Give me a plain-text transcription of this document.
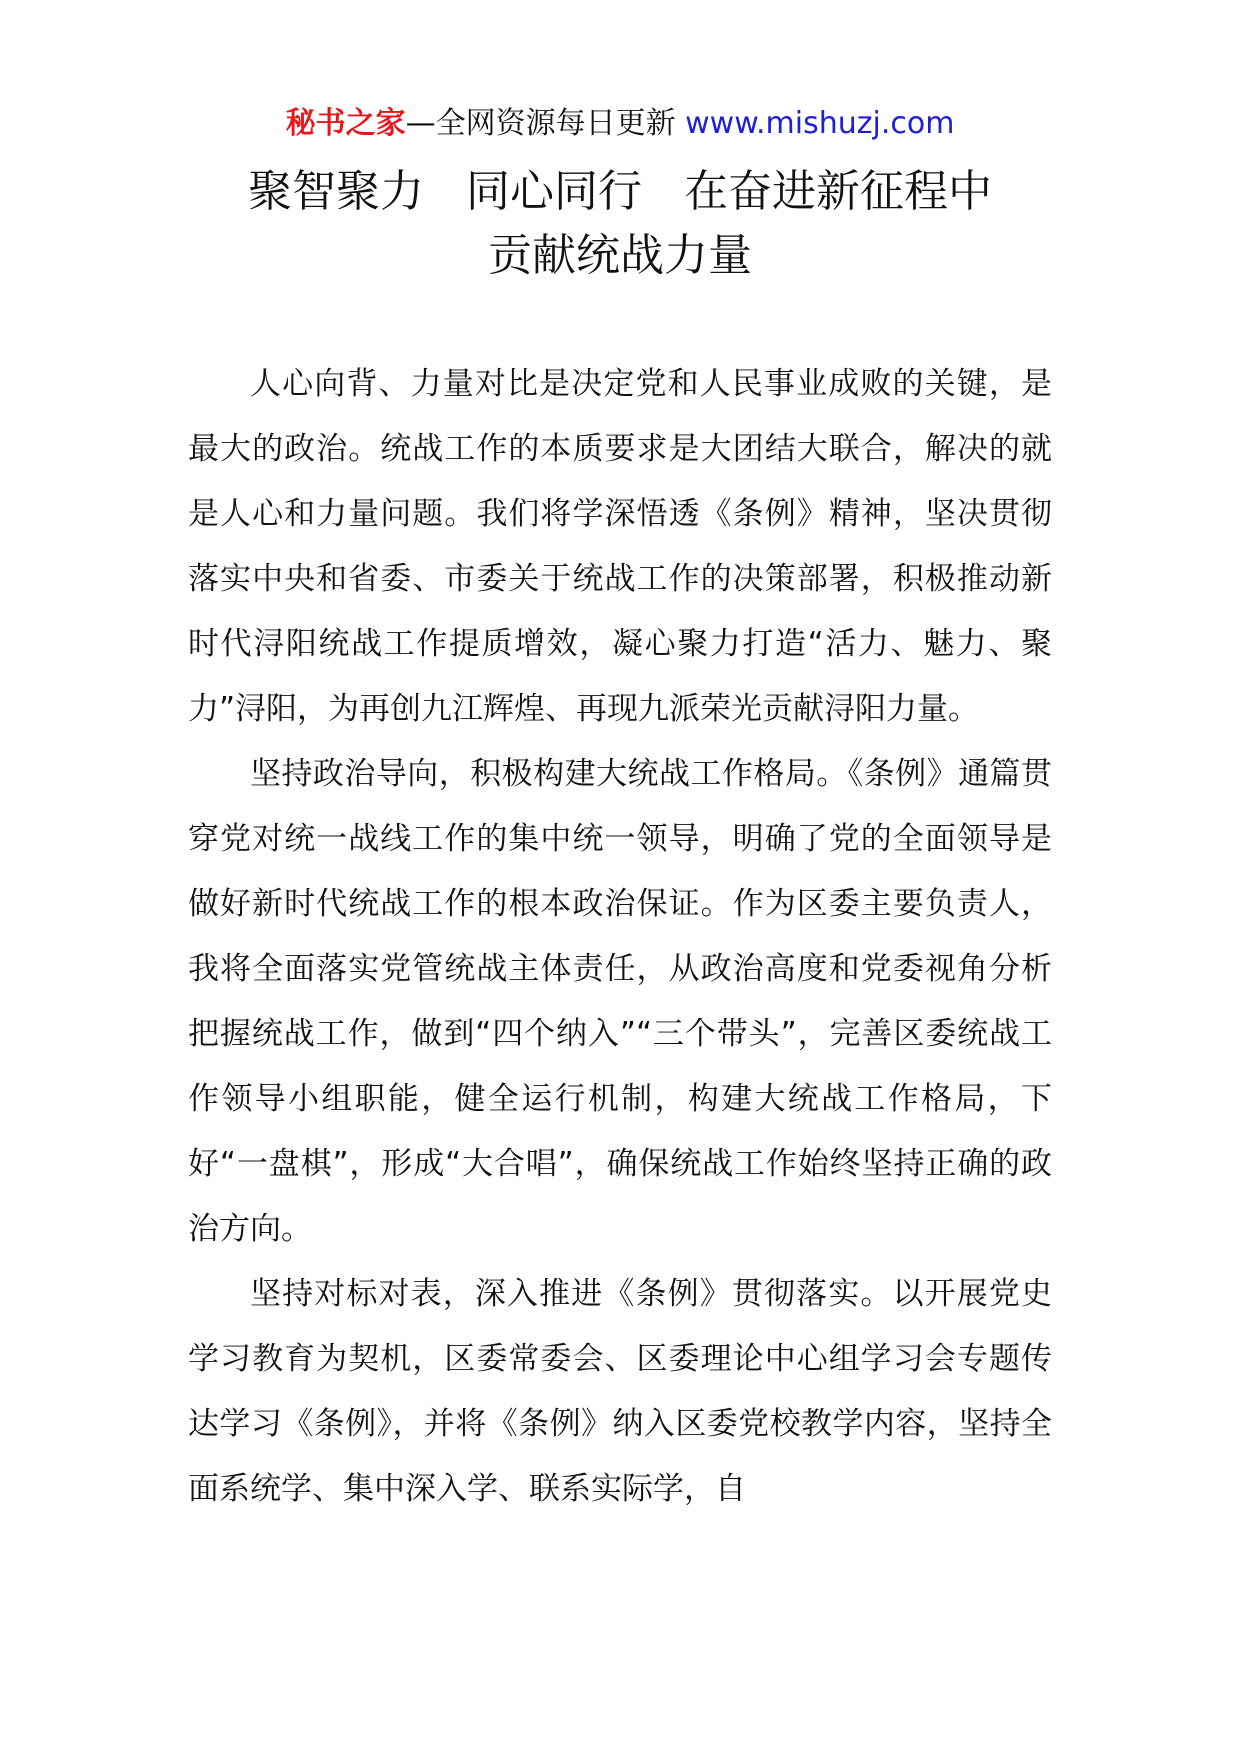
秘书之家—全网资源每日更新 www.mishuzj.com
聚智聚力   同心同行   在奋进新征程中
贡献统战力量

人心向背、力量对比是决定党和人民事业成败的关键，是最大的政治。统战工作的本质要求是大团结大联合，解决的就是人心和力量问题。我们将学深悟透《条例》精神，坚决贯彻落实中央和省委、市委关于统战工作的决策部署，积极推动新时代浔阳统战工作提质增效，凝心聚力打造“活力、魅力、聚力”浔阳，为再创九江辉煌、再现九派荣光贡献浔阳力量。

坚持政治导向，积极构建大统战工作格局。《条例》通篇贯穿党对统一战线工作的集中统一领导，明确了党的全面领导是做好新时代统战工作的根本政治保证。作为区委主要负责人，我将全面落实党管统战主体责任，从政治高度和党委视角分析把握统战工作，做到“四个纳入”“三个带头”，完善区委统战工作领导小组职能，健全运行机制，构建大统战工作格局，下好“一盘棋”，形成“大合唱”，确保统战工作始终坚持正确的政治方向。

坚持对标对表，深入推进《条例》贯彻落实。以开展党史学习教育为契机，区委常委会、区委理论中心组学习会专题传达学习《条例》，并将《条例》纳入区委党校教学内容，坚持全面系统学、集中深入学、联系实际学，自
